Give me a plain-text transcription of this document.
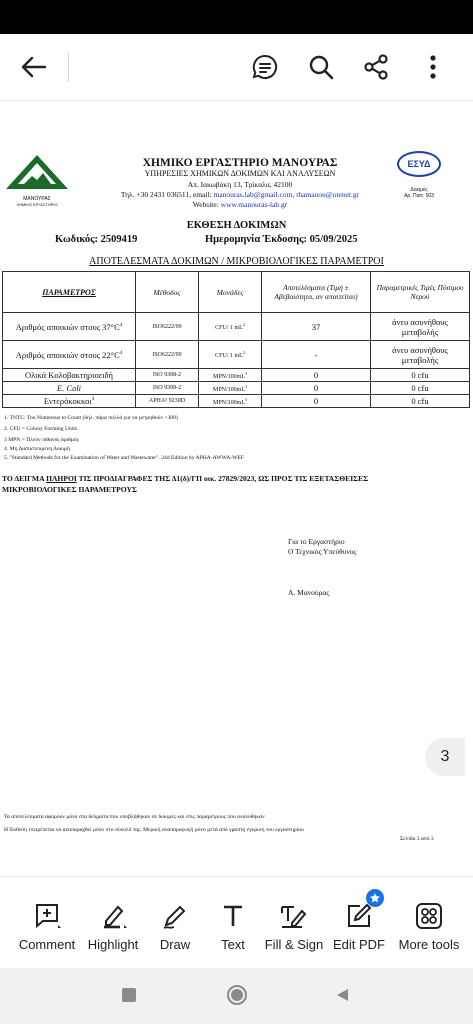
ΜΑΝΟΥΡΑΣ
ΧΗΜΙΚΟ ΕΡΓΑΣΤΗΡΙΟ
ΧΗΜΙΚΟ ΕΡΓΑΣΤΗΡΙΟ ΜΑΝΟΥΡΑΣ
ΥΠΗΡΕΣΙΕΣ ΧΗΜΙΚΩΝ ΔΟΚΙΜΩΝ ΚΑΙ ΑΝΑΛΥΣΕΩΝ
Απ. Ιακωβάκη 13, Τρίκαλα, 42100
Τηλ. +30 2431 036511, email: manouras.lab@gmail.com, thamanou@otenet.gr
Website: www.manouras-lab.gr
ΕΣΥΔ
Δοκιμές
Αρ. Πιστ. 503
ΕΚΘΕΣΗ ΔΟΚΙΜΩΝ
Κωδικός: 2509419	Ημερομηνία Έκδοσης: 05/09/2025
ΑΠΟΤΕΛΕΣΜΑΤΑ ΔΟΚΙΜΩΝ / ΜΙΚΡΟΒΙΟΛΟΓΙΚΕΣ ΠΑΡΑΜΕΤΡΟΙ
ΠΑΡΑΜΕΤΡΟΣ	Μέθοδος	Μονάδες	Αποτελέσματα (Τιμή ± Αβεβαιότητα, αν απαιτείται)	Παραμετρικές Τιμές Πόσιμου Νερού
Αριθμός αποικιών στους $37^\circ C^4$	ISO6222/99	CFU/ 1 $mL^2$	37	άνευ ασυνήθους μεταβολής
Αριθμός αποικιών στους $22^\circ C^4$	ISO6222/99	CFU/ 1 $mL^2$	-	άνευ ασυνήθους μεταβολής
Ολικά Κολοβακτηριοειδή	ISO 9308-2	MPN/$100mL^3$	0	0 cfu
E. Coli	ISO 9308-2	MPN/$100mL^3$	0	0 cfu
Εντερόκοκκοι$^4$	APHA⁵ 9230D	MPN/$100mL^3$	0	0 cfu
1. TNTC: Too Numerous to Count (δηλ. πάρα πολλά για να μετρηθούν >300)
2. CFU = Colony Forming Units
3 MPN = Πλέον πιθανός αριθμός
4. Μη Διαπιστευμένη Δοκιμή
5. "Standard Methods for the Examination of Water and Wastewater". 24d Edition by APHA-AWWA-WEF
ΤΟ ΔΕΙΓΜΑ ΠΛΗΡΟΙ ΤΙΣ ΠΡΟΔΙΑΓΡΑΦΕΣ ΤΗΣ Δ1(δ)/ΓΠ οικ. 27829/2023, ΩΣ ΠΡΟΣ ΤΙΣ ΕΞΕΤΑΣΘΕΙΣΕΣ
ΜΙΚΡΟΒΙΟΛΟΓΙΚΕΣ ΠΑΡΑΜΕΤΡΟΥΣ
Για το Εργαστήριο
Ο Τεχνικός Υπεύθυνος
Α. Μανούρας
Τα αποτελέσματα αφορούν μόνο στα δείγματα που υποβλήθηκαν σε δοκιμές και στις παραμέτρους που αναλύθηκαν
Η Έκθεση επιτρέπεται να αναπαραχθεί μόνο στο σύνολό της. Μερική αναπαραγωγή μόνο μετά από γραπτή έγκριση του εργαστηρίου
Σελίδα 3 από 3
3
Comment Highlight	Draw	Text	Fill & Sign Edit PDF	More tools
